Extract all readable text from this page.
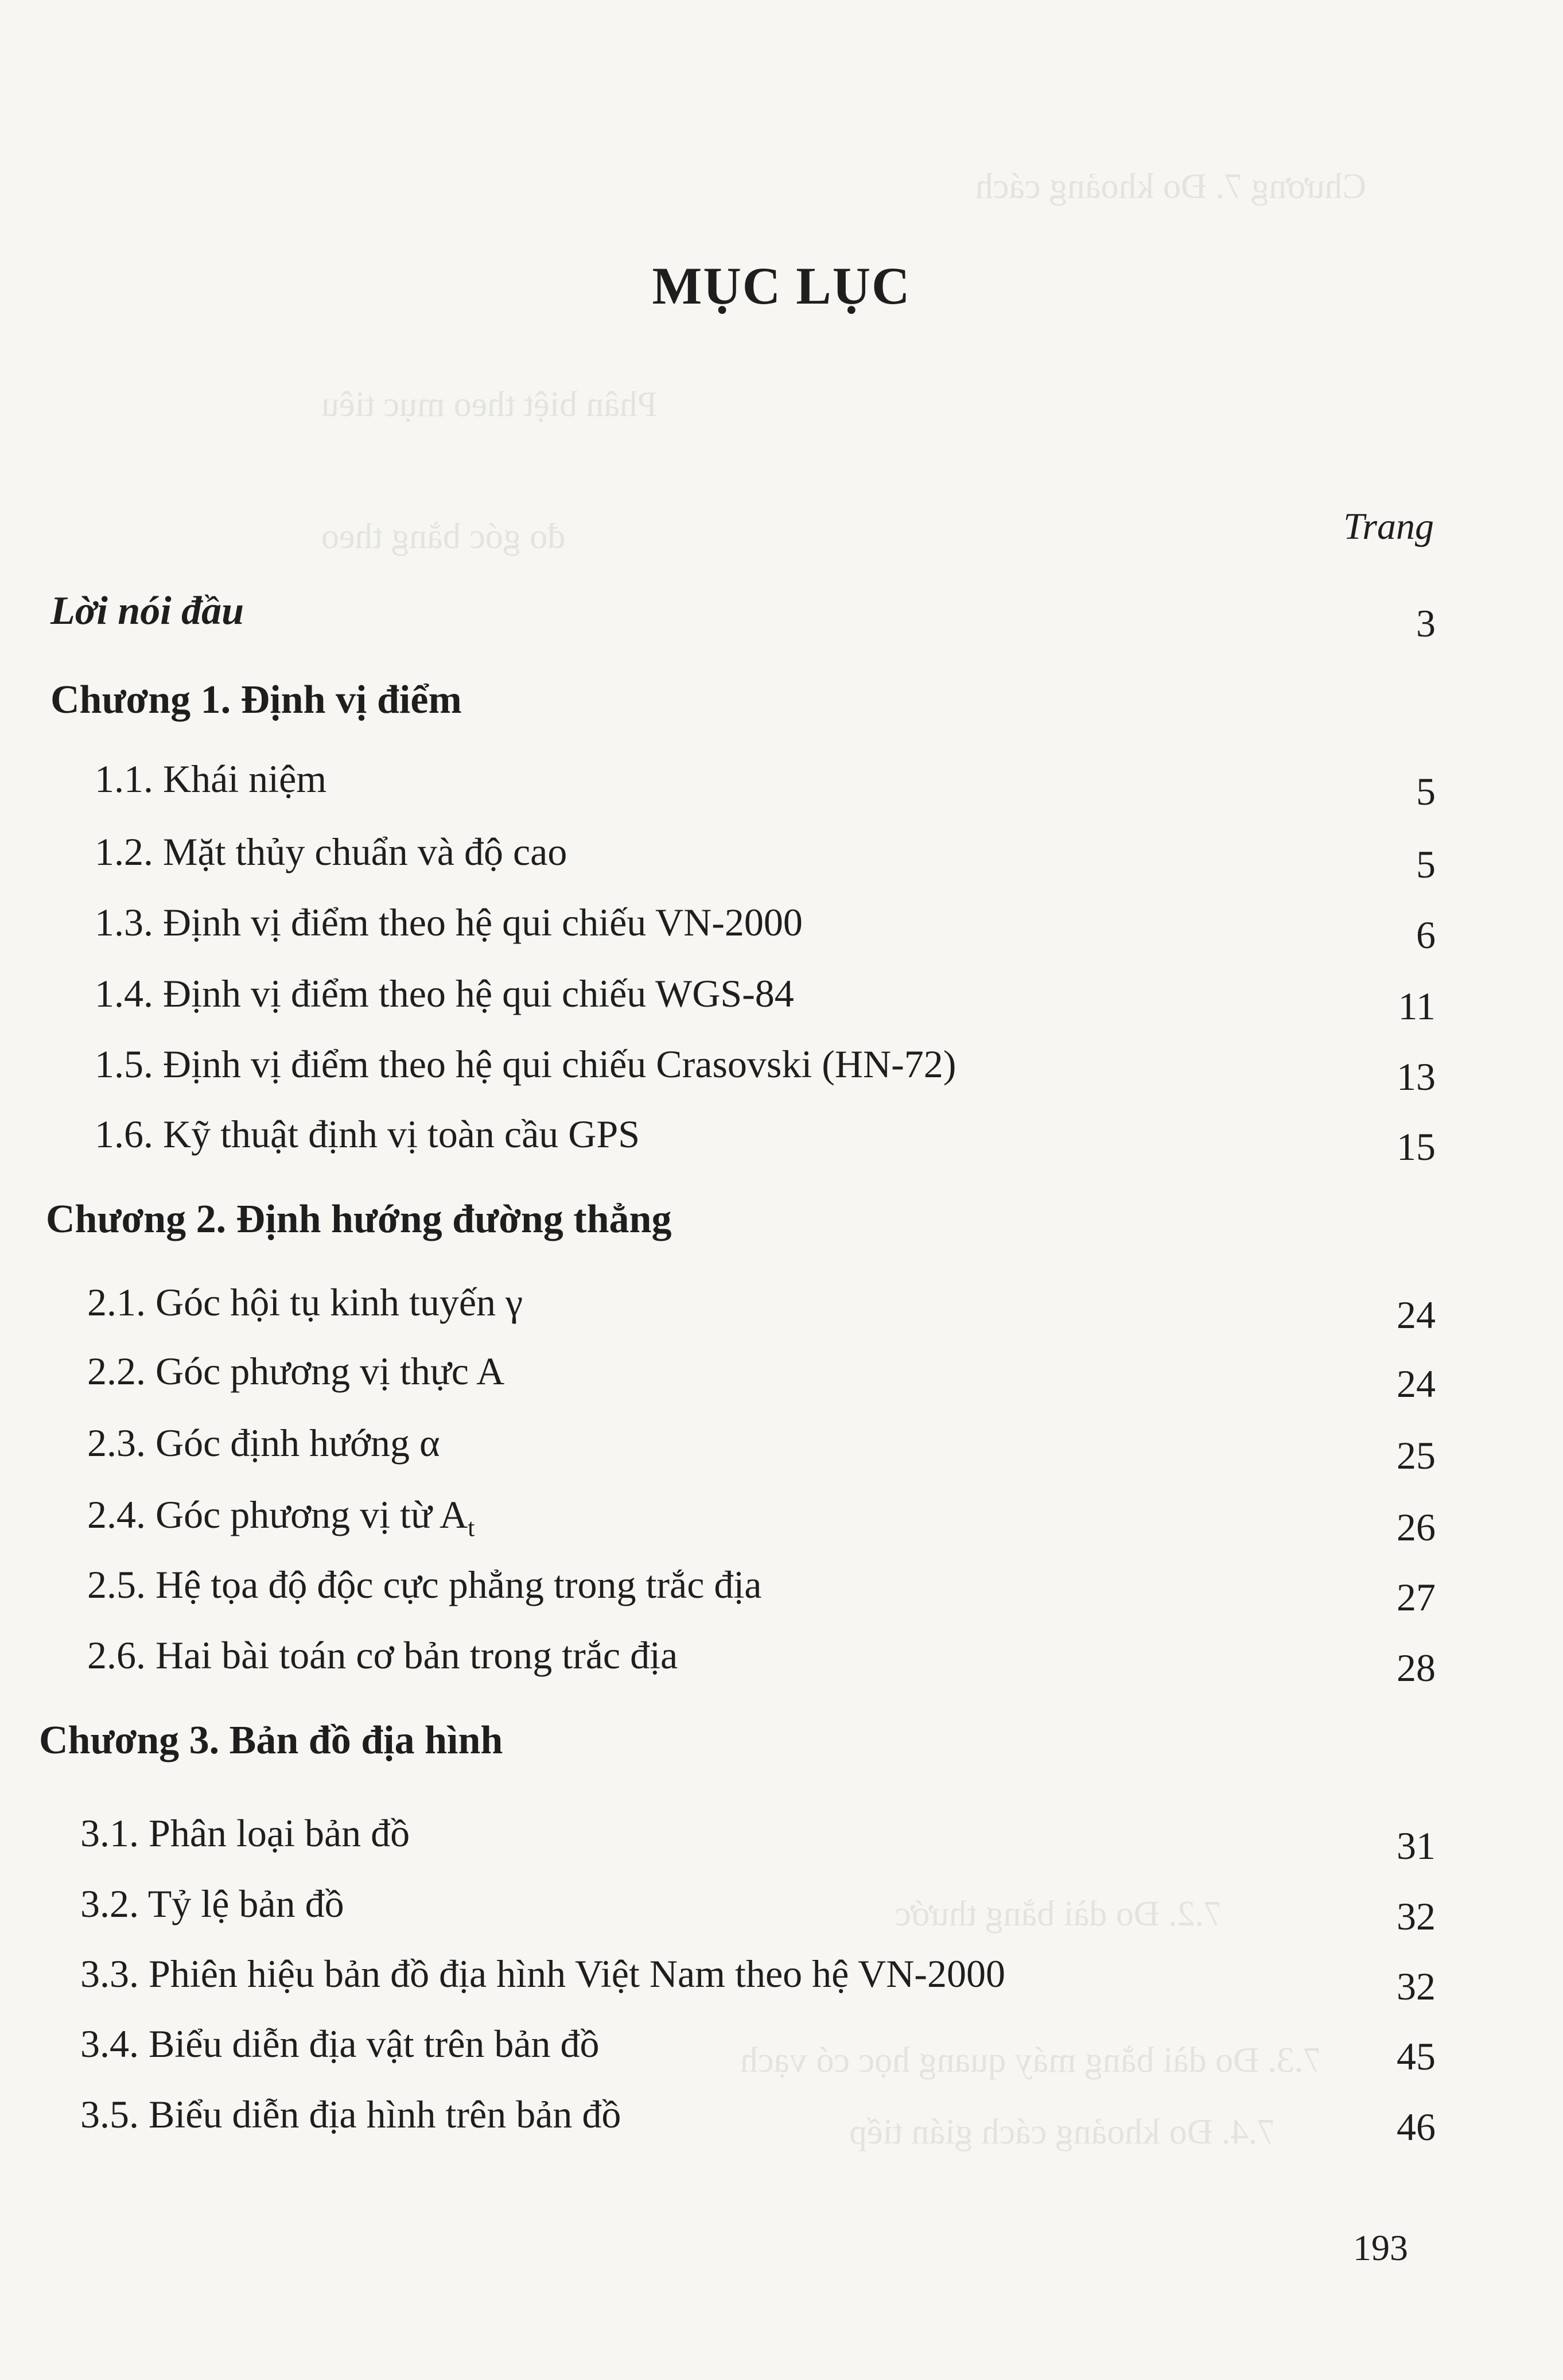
Chương 7. Đo khoảng cách
Phân biệt theo mục tiêu
đo góc bằng theo
7.2. Đo dài bằng thước
7.3. Đo dài bằng máy quang học có vạch
7.4. Đo khoảng cách gián tiếp
MỤC LỤC
Trang
Lời nói đầu	3
Chương 1. Định vị điểm
1.1. Khái niệm	5
1.2. Mặt thủy chuẩn và độ cao	5
1.3. Định vị điểm theo hệ qui chiếu VN-2000	6
1.4. Định vị điểm theo hệ qui chiếu WGS-84	11
1.5. Định vị điểm theo hệ qui chiếu Crasovski (HN-72)	13
1.6. Kỹ thuật định vị toàn cầu GPS	15
Chương 2. Định hướng đường thẳng
2.1. Góc hội tụ kinh tuyến γ	24
2.2. Góc phương vị thực A	24
2.3. Góc định hướng α	25
2.4. Góc phương vị từ $A_t$	26
2.5. Hệ tọa độ độc cực phẳng trong trắc địa	27
2.6. Hai bài toán cơ bản trong trắc địa	28
Chương 3. Bản đồ địa hình
3.1. Phân loại bản đồ	31
3.2. Tỷ lệ bản đồ	32
3.3. Phiên hiệu bản đồ địa hình Việt Nam theo hệ VN-2000	32
3.4. Biểu diễn địa vật trên bản đồ	45
3.5. Biểu diễn địa hình trên bản đồ	46
193
